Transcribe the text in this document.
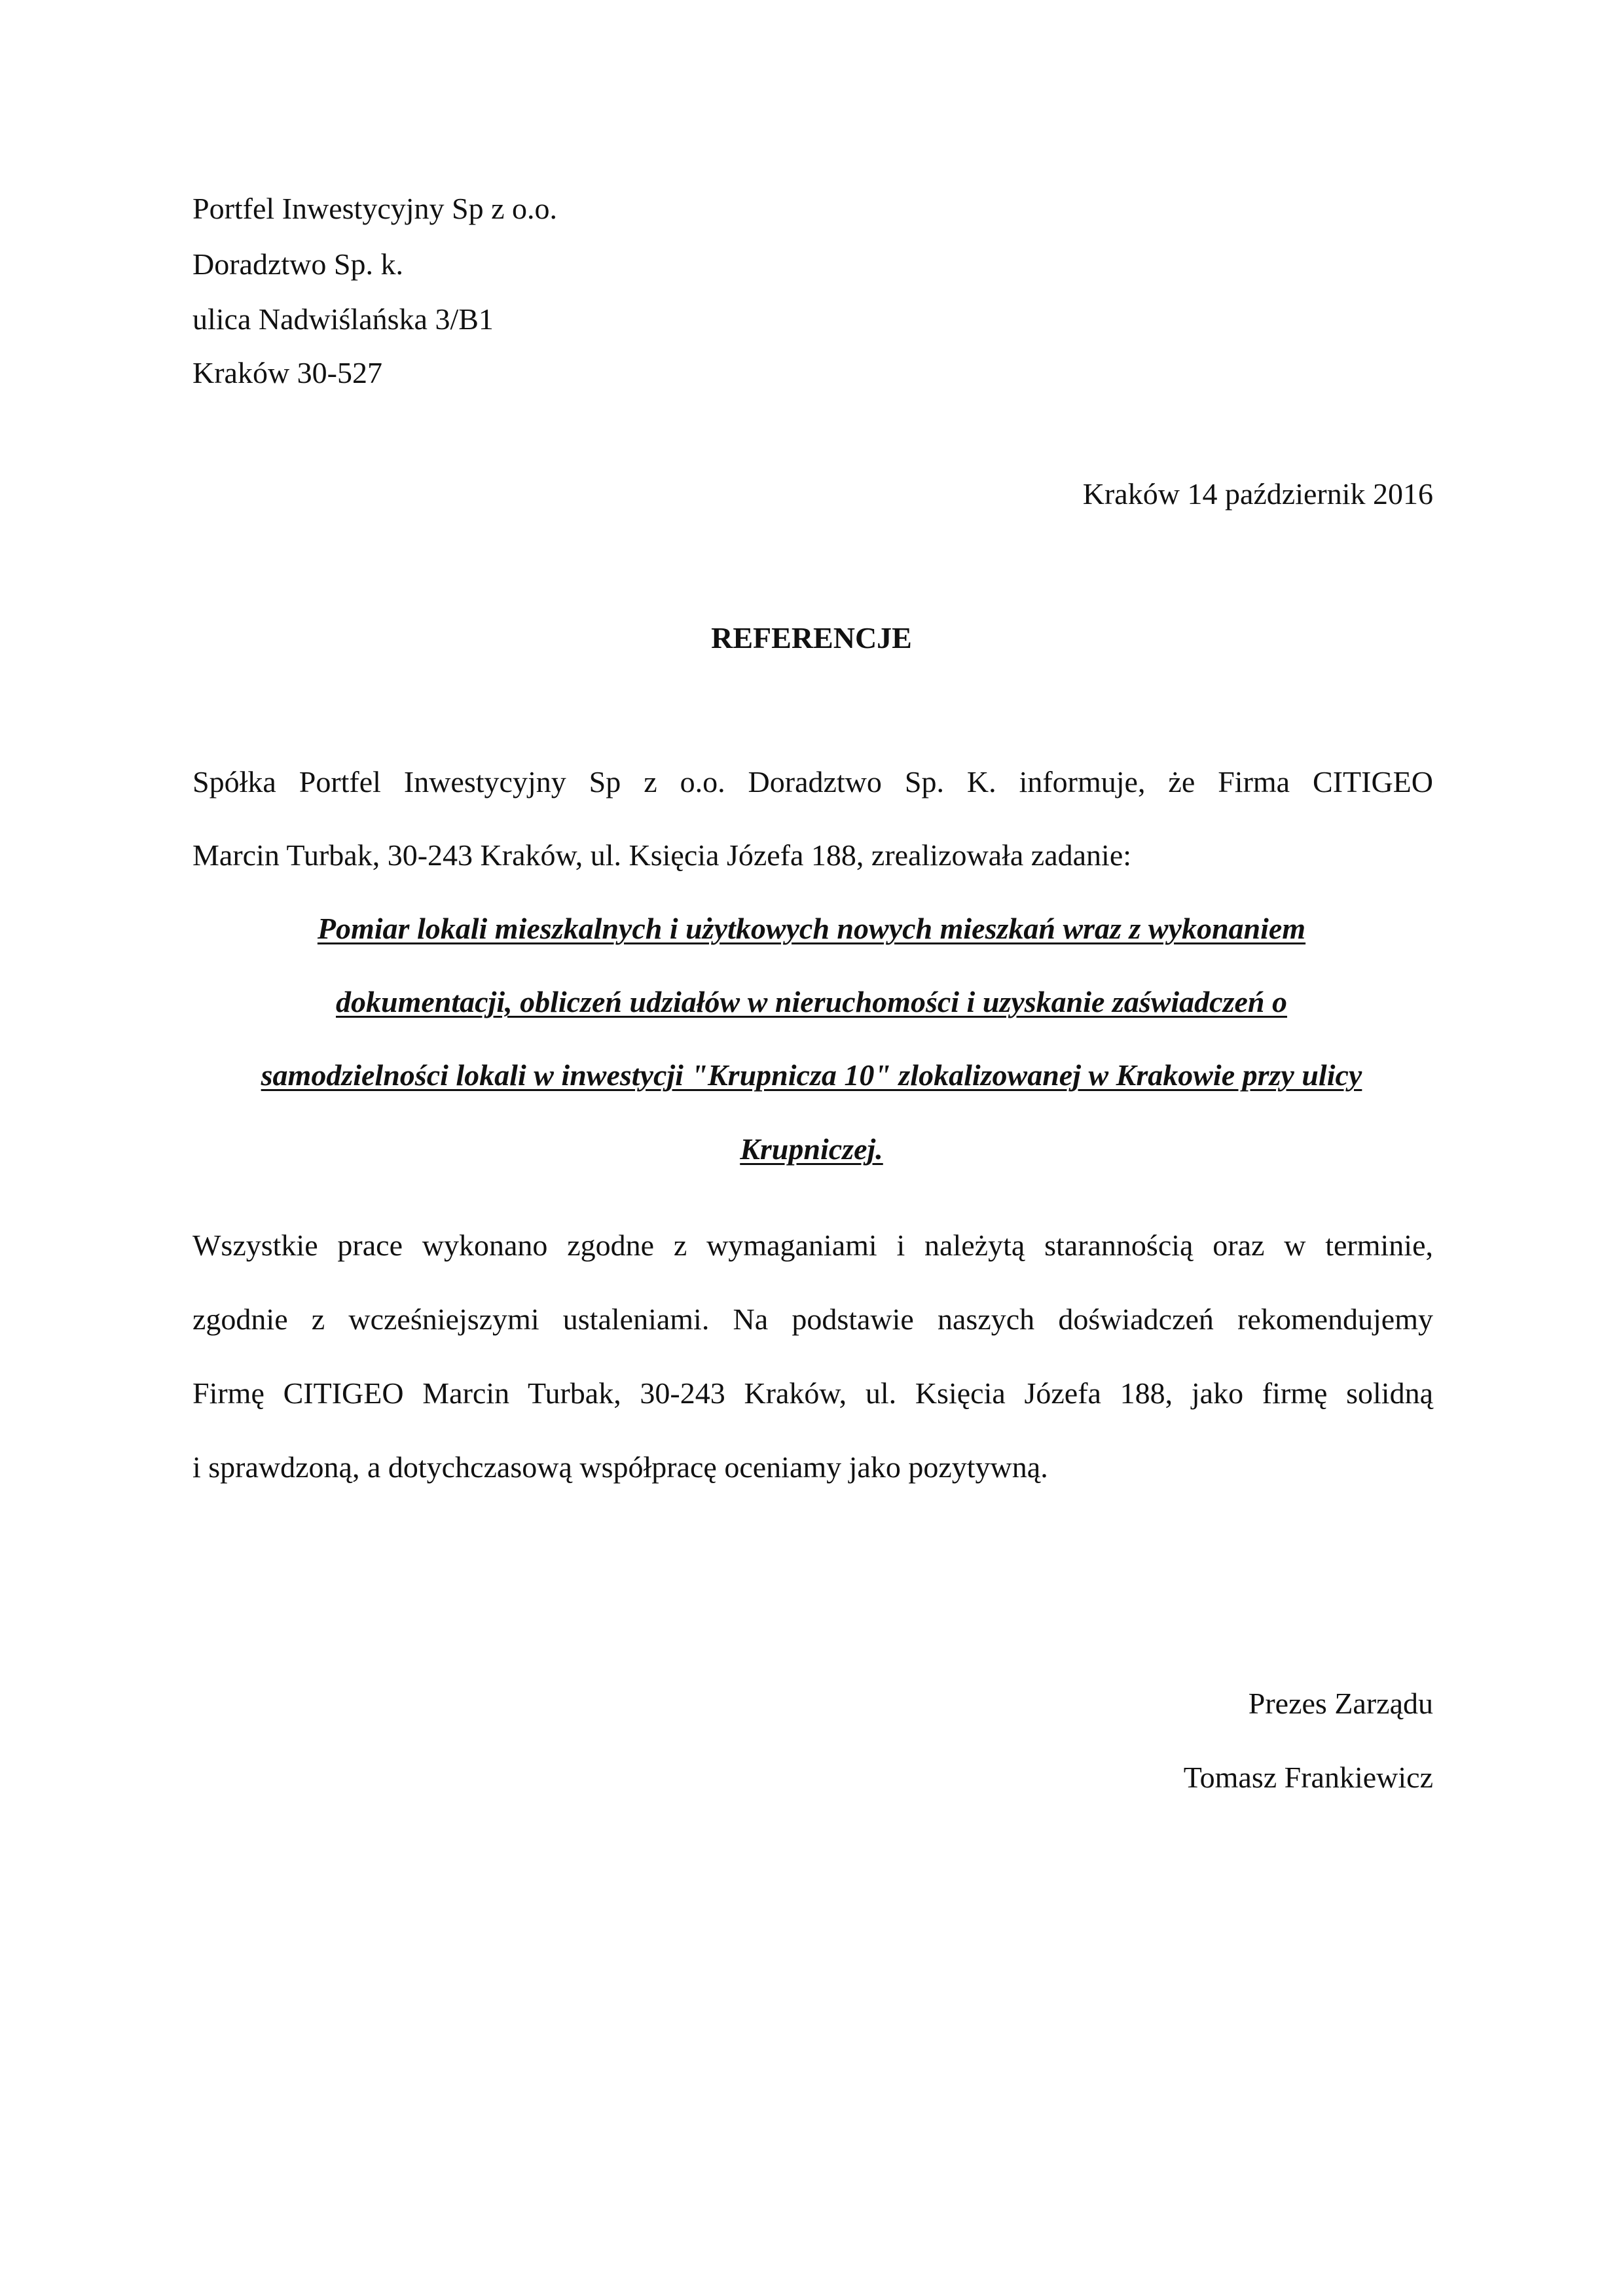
Portfel Inwestycyjny Sp z o.o.
Doradztwo Sp. k.
ulica Nadwiślańska 3/B1
Kraków 30-527
Kraków 14 październik 2016
REFERENCJE
Spółka Portfel Inwestycyjny Sp z o.o. Doradztwo Sp. K. informuje, że Firma CITIGEO
Marcin Turbak, 30-243 Kraków, ul. Księcia Józefa 188, zrealizowała zadanie:
Pomiar lokali mieszkalnych i użytkowych nowych mieszkań wraz z wykonaniem
dokumentacji, obliczeń udziałów w nieruchomości i uzyskanie zaświadczeń o
samodzielności lokali w inwestycji "Krupnicza 10" zlokalizowanej w Krakowie przy ulicy
Krupniczej.
Wszystkie prace wykonano zgodne z wymaganiami i należytą starannością oraz w terminie,
zgodnie z wcześniejszymi ustaleniami. Na podstawie naszych doświadczeń rekomendujemy
Firmę CITIGEO Marcin Turbak, 30-243 Kraków, ul. Księcia Józefa 188, jako firmę solidną
i sprawdzoną, a dotychczasową współpracę oceniamy jako pozytywną.
Prezes Zarządu
Tomasz Frankiewicz
